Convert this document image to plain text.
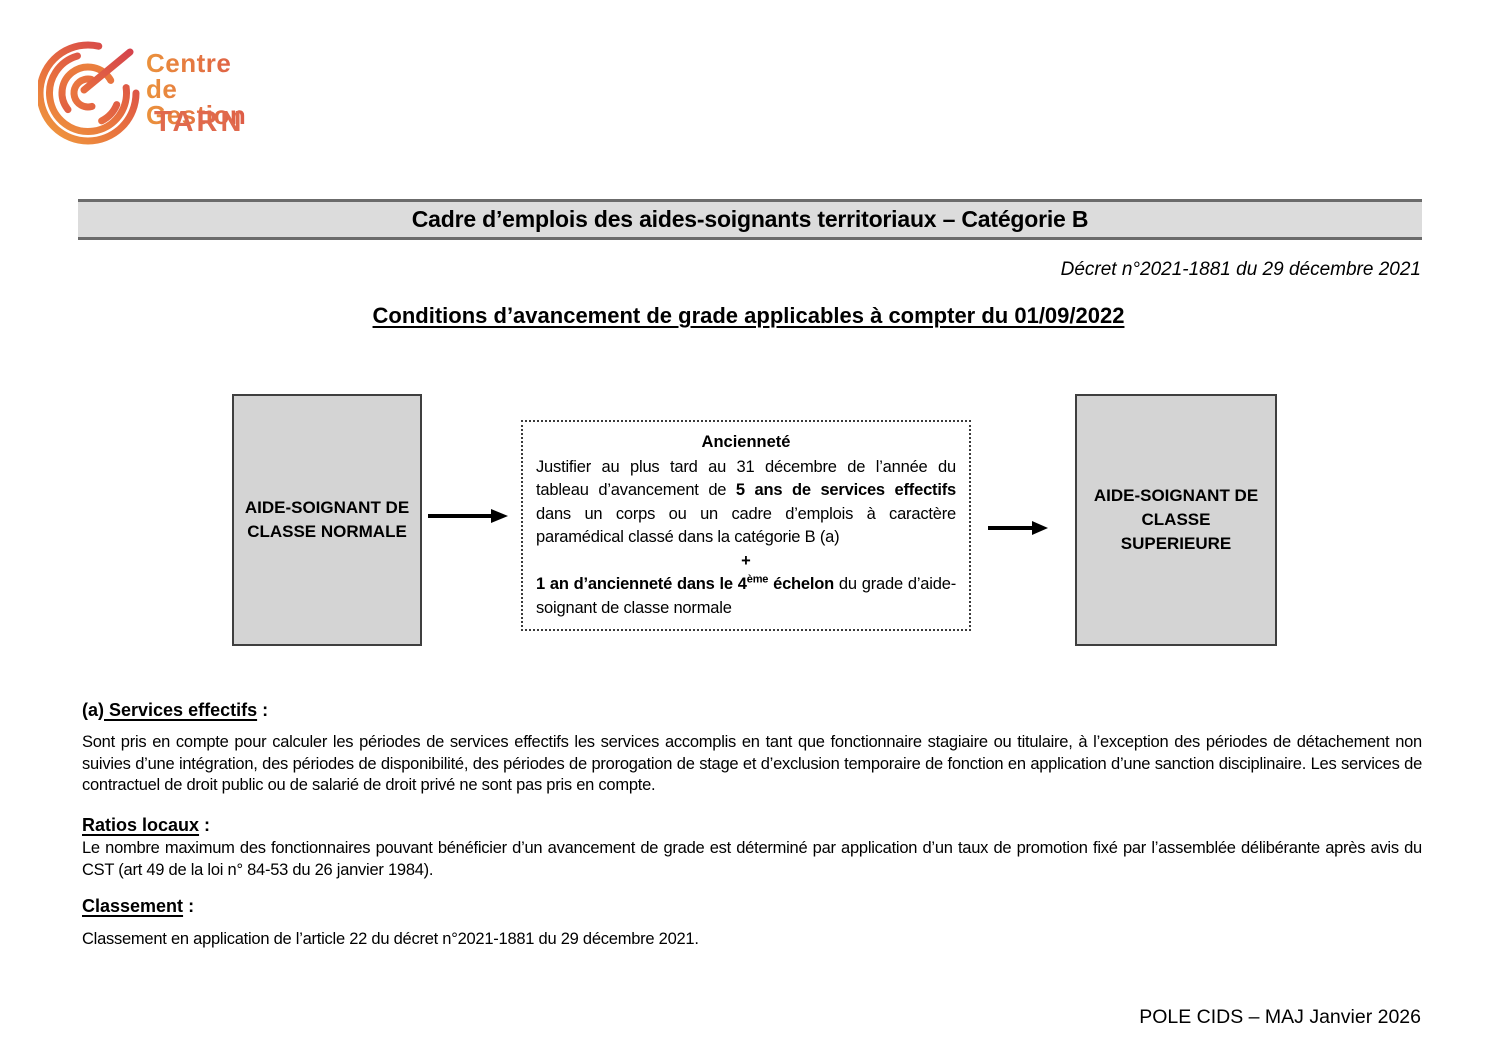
Centre
de Gestion
TARN
Cadre d’emplois des aides-soignants territoriaux – Catégorie B
Décret n°2021-1881 du 29 décembre 2021
Conditions d’avancement de grade applicables à compter du 01/09/2022
AIDE-SOIGNANT DE
CLASSE NORMALE

Ancienneté

Justifier au plus tard au 31 décembre de l’année du tableau d’avancement de 5 ans de services effectifs dans un corps ou un cadre d’emplois à caractère paramédical classé dans la catégorie B (a)

+

1 an d’ancienneté dans le 4ème échelon du grade d’aide-soignant de classe normale

AIDE-SOIGNANT DE
CLASSE
SUPERIEURE
(a) Services effectifs :
Sont pris en compte pour calculer les périodes de services effectifs les services accomplis en tant que fonctionnaire stagiaire ou titulaire, à l’exception des périodes de détachement non suivies d’une intégration, des périodes de disponibilité, des périodes de prorogation de stage et d’exclusion temporaire de fonction en application d’une sanction disciplinaire. Les services de contractuel de droit public ou de salarié de droit privé ne sont pas pris en compte.
Ratios locaux :
Le nombre maximum des fonctionnaires pouvant bénéficier d’un avancement de grade est déterminé par application d’un taux de promotion fixé par l’assemblée délibérante après avis du CST (art 49 de la loi n° 84-53 du 26 janvier 1984).
Classement :
Classement en application de l’article 22 du décret n°2021-1881 du 29 décembre 2021.
POLE CIDS – MAJ Janvier 2026
